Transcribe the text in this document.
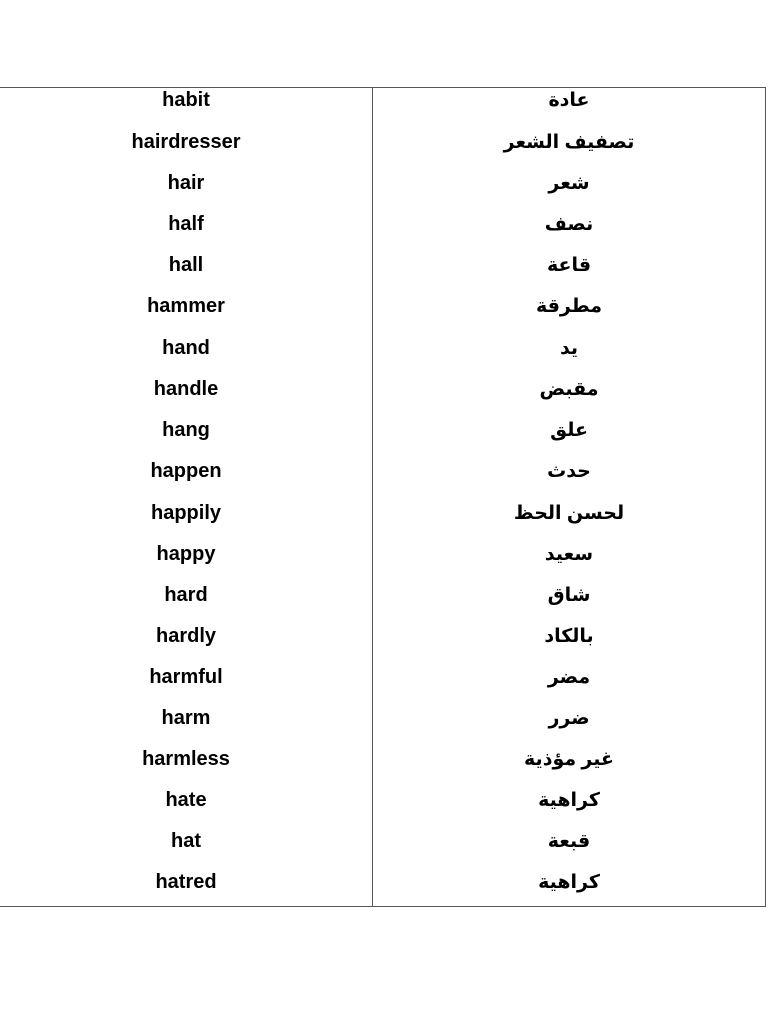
habit	عادة
hairdresser	تصفيف الشعر
hair	شعر
half	نصف
hall	قاعة
hammer	مطرقة
hand	يد
handle	مقبض
hang	علق
happen	حدث
happily	لحسن الحظ
happy	سعيد
hard	شاق
hardly	بالكاد
harmful	مضر
harm	ضرر
harmless	غير مؤذية
hate	كراهية
hat	قبعة
hatred	كراهية
